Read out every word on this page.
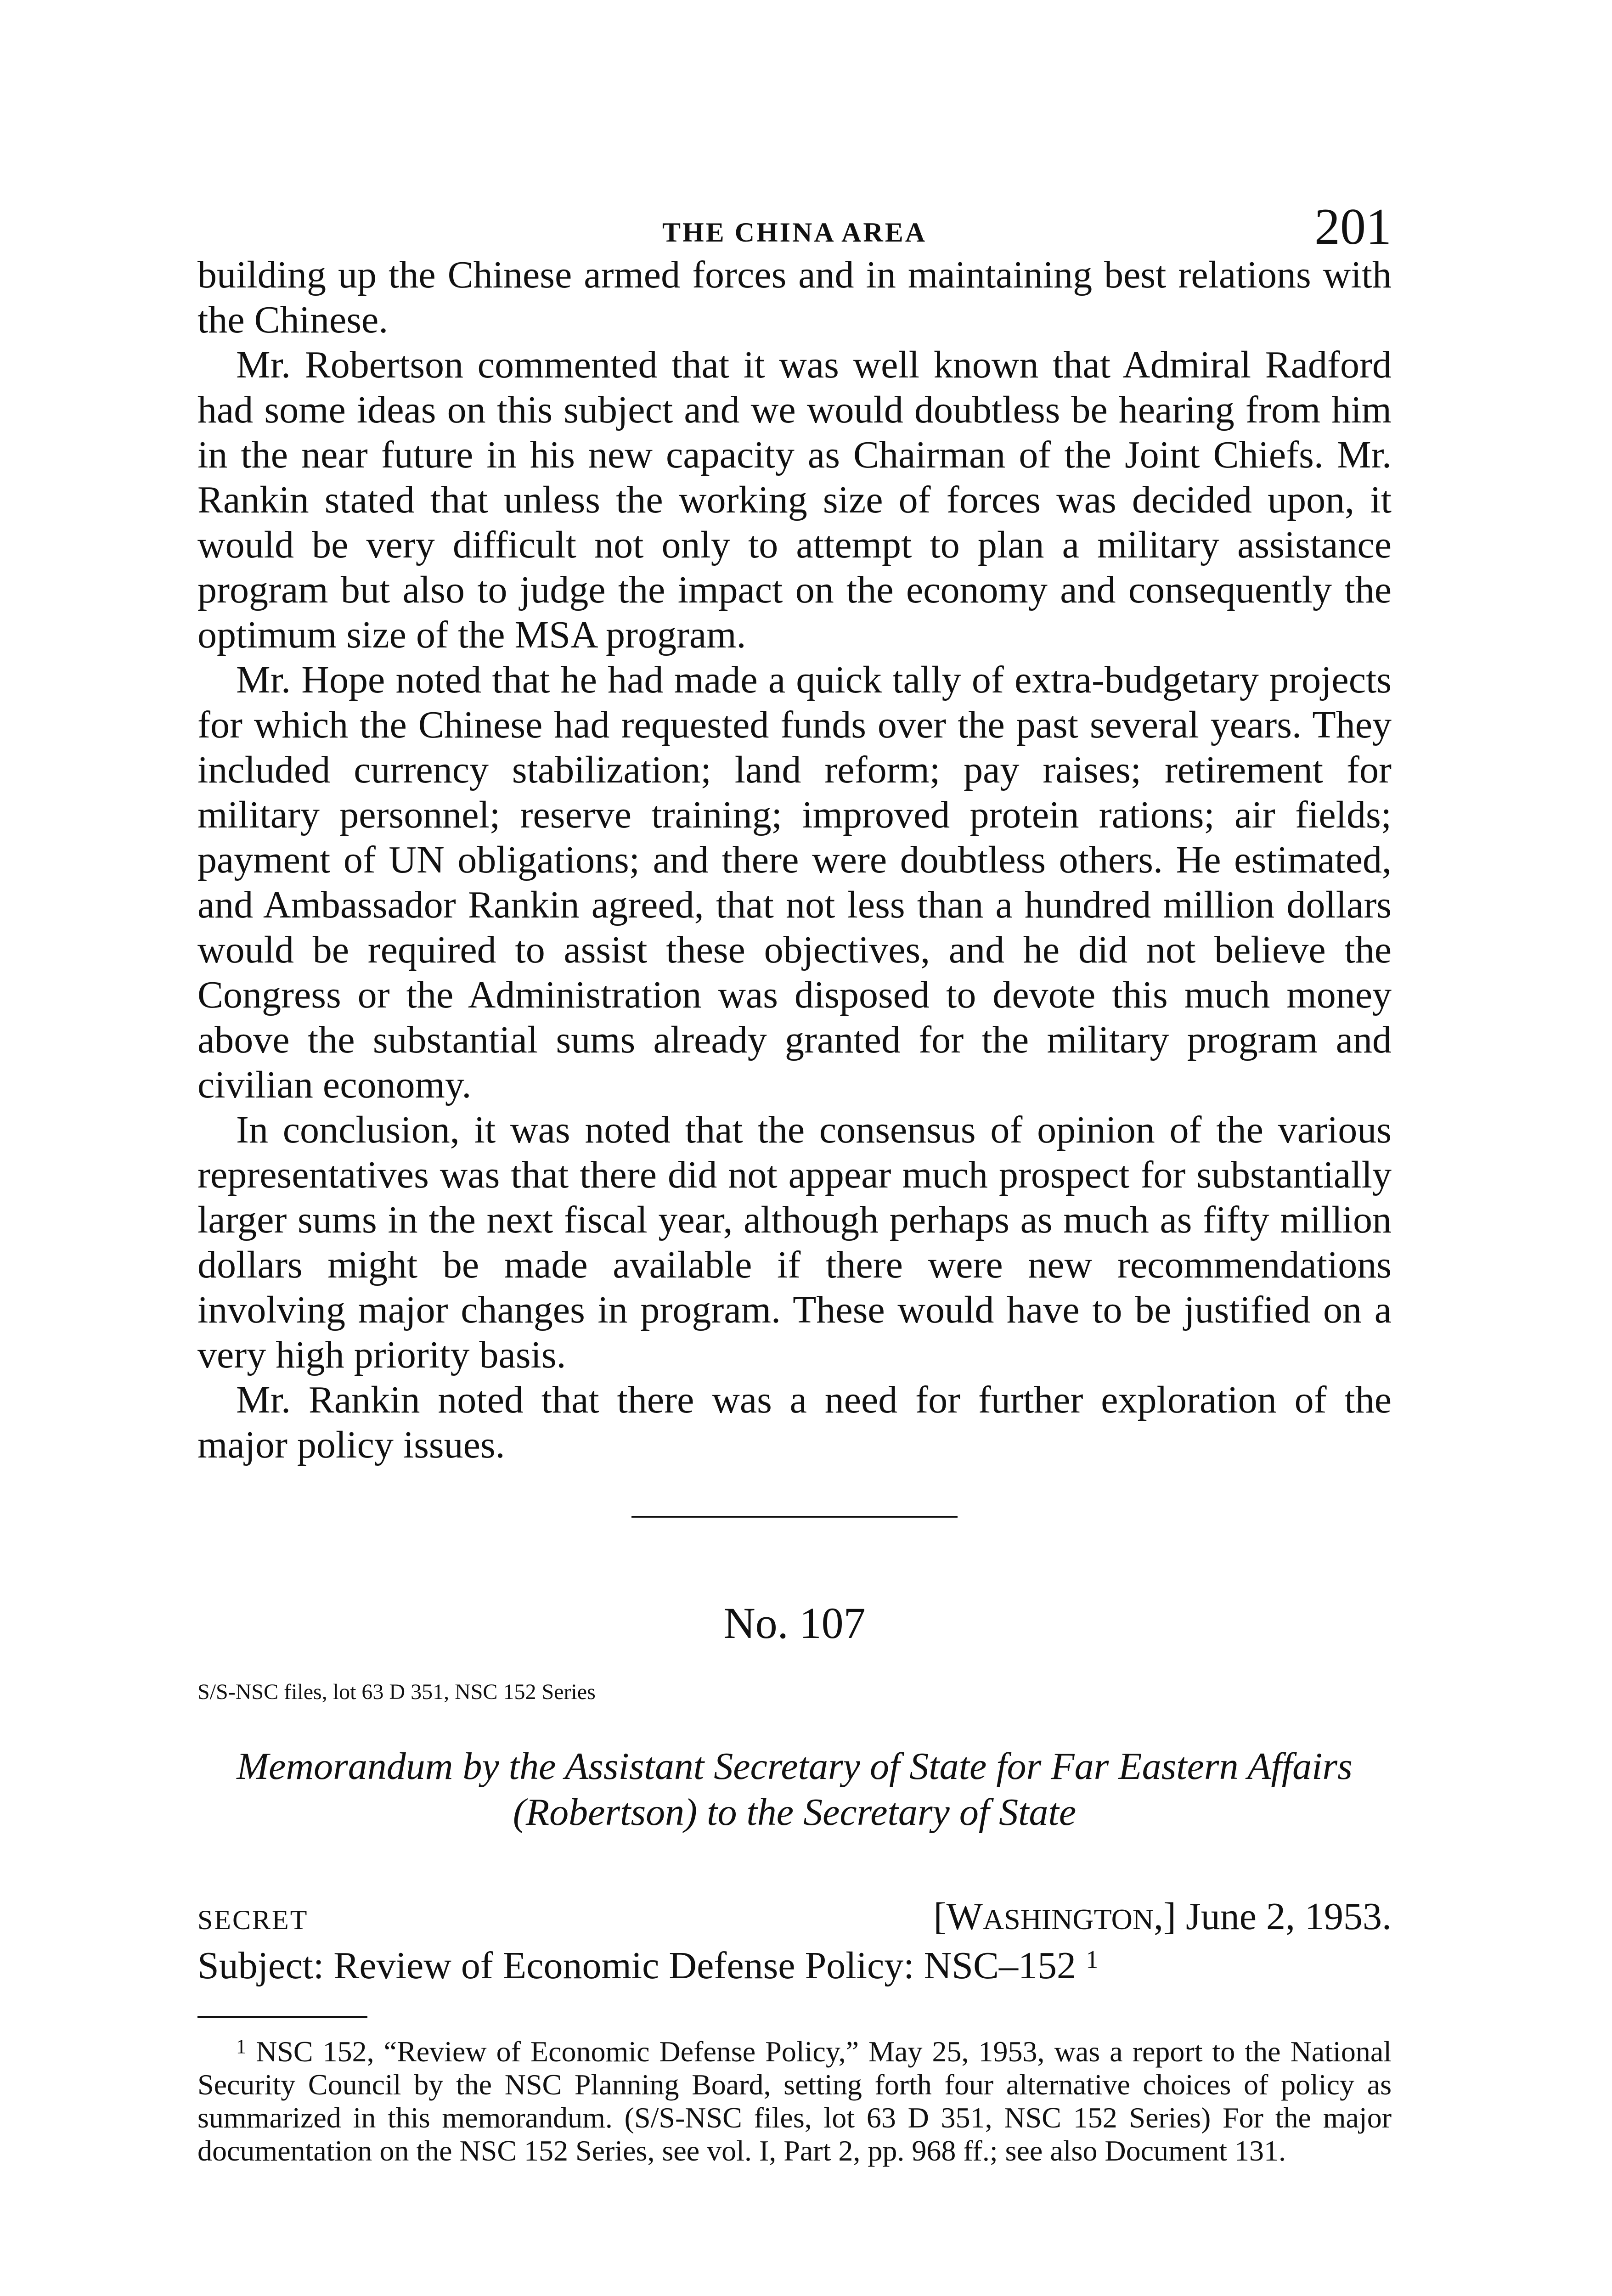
THE CHINA AREA	201

building up the Chinese armed forces and in maintaining best relations with the Chinese.

Mr. Robertson commented that it was well known that Admiral Radford had some ideas on this subject and we would doubtless be hearing from him in the near future in his new capacity as Chairman of the Joint Chiefs. Mr. Rankin stated that unless the working size of forces was decided upon, it would be very difficult not only to attempt to plan a military assistance program but also to judge the impact on the economy and consequently the optimum size of the MSA program.

Mr. Hope noted that he had made a quick tally of extra-budgetary projects for which the Chinese had requested funds over the past several years. They included currency stabilization; land reform; pay raises; retirement for military personnel; reserve training; improved protein rations; air fields; payment of UN obligations; and there were doubtless others. He estimated, and Ambassador Rankin agreed, that not less than a hundred million dollars would be required to assist these objectives, and he did not believe the Congress or the Administration was disposed to devote this much money above the substantial sums already granted for the military program and civilian economy.

In conclusion, it was noted that the consensus of opinion of the various representatives was that there did not appear much prospect for substantially larger sums in the next fiscal year, although perhaps as much as fifty million dollars might be made available if there were new recommendations involving major changes in program. These would have to be justified on a very high priority basis.

Mr. Rankin noted that there was a need for further exploration of the major policy issues.

No. 107
S/S-NSC files, lot 63 D 351, NSC 152 Series
Memorandum by the Assistant Secretary of State for Far Eastern Affairs (Robertson) to the Secretary of State
SECRET	[WASHINGTON,] June 2, 1953.
Subject: Review of Economic Defense Policy: NSC–152 $^1$
$^1$ NSC 152, “Review of Economic Defense Policy,” May 25, 1953, was a report to the National Security Council by the NSC Planning Board, setting forth four alternative choices of policy as summarized in this memorandum. (S/S-NSC files, lot 63 D 351, NSC 152 Series) For the major documentation on the NSC 152 Series, see vol. I, Part 2, pp. 968 ff.; see also Document 131.
